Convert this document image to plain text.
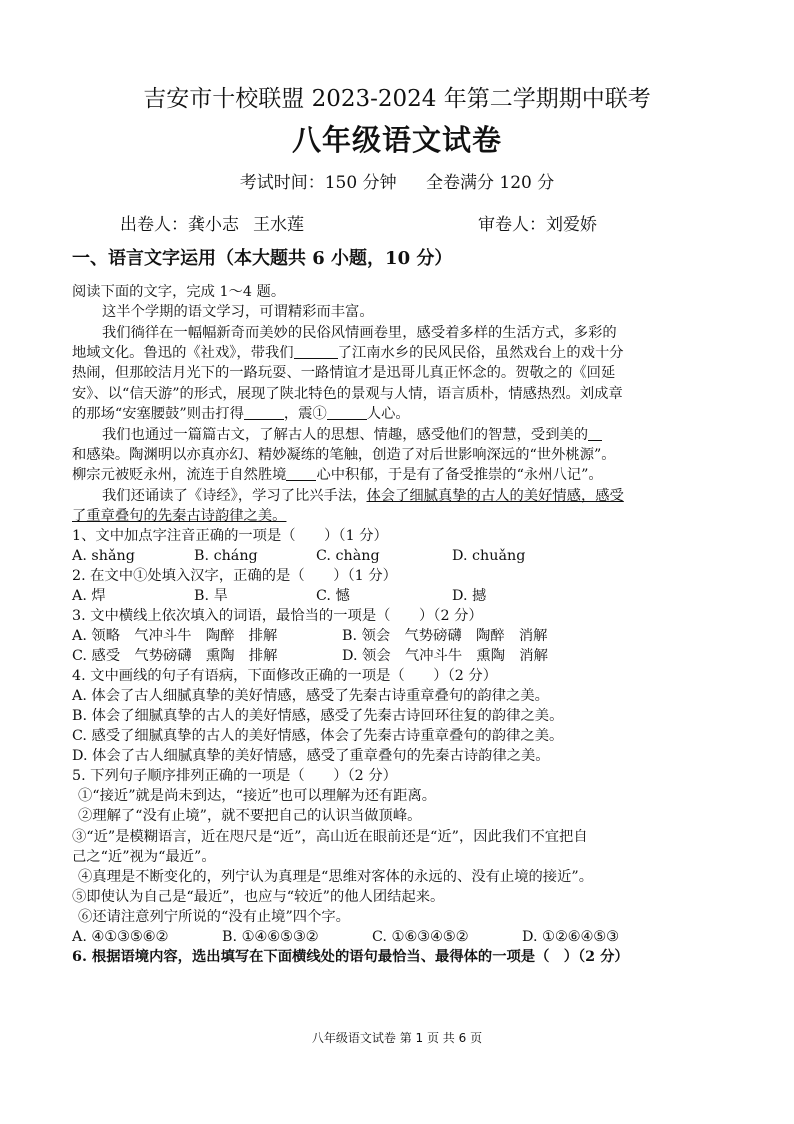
吉安市十校联盟 2023-2024 年第二学期期中联考
八年级语文试卷
考试时间：150 分钟 全卷满分 120 分
出卷人：龚小志 王水莲	审卷人：刘爱娇
一、语言文字运用（本大题共 6 小题，10 分）
阅读下面的文字，完成 1～4 题。
这半个学期的语文学习，可谓精彩而丰富。
我们徜徉在一幅幅新奇而美妙的民俗风情画卷里，感受着多样的生活方式，多彩的
地域文化。鲁迅的《社戏》，带我们	了江南水乡的民风民俗，虽然戏台上的戏十分
热闹，但那皎洁月光下的一路玩耍、一路情谊才是迅哥儿真正怀念的。贺敬之的《回延
安》、以“信天游”的形式，展现了陕北特色的景观与人情，语言质朴，情感热烈。刘成章
的那场“安塞腰鼓”则击打得	，震①	人心。
我们也通过一篇篇古文，了解古人的思想、情趣，感受他们的智慧，受到美的
和感染。陶渊明以亦真亦幻、精妙凝练的笔触，创造了对后世影响深远的“世外桃源”。
柳宗元被贬永州，流连于自然胜境 心中积郁，于是有了备受推崇的“永州八记”。
我们还诵读了《诗经》，学习了比兴手法，体会了细腻真挚的古人的美好情感，感受
了重章叠句的先秦古诗韵律之美。
1、文中加点字注音正确的一项是（　　）（1 分）
A. shǎng	B. cháng	C. chàng	D. chuǎng
2. 在文中①处填入汉字，正确的是（　　）（1 分）
A. 焊	B. 旱	C. 憾	D. 撼
3. 文中横线上依次填入的词语，最恰当的一项是（　　）（2 分）
A. 领略　气冲斗牛　陶醉　排解	B. 领会　气势磅礴　陶醉　消解
C. 感受　气势磅礴　熏陶　排解	D. 领会　气冲斗牛　熏陶　消解
4. 文中画线的句子有语病，下面修改正确的一项是（　　）（2 分）
A. 体会了古人细腻真挚的美好情感，感受了先秦古诗重章叠句的韵律之美。
B. 体会了细腻真挚的古人的美好情感，感受了先秦古诗回环往复的韵律之美。
C. 感受了细腻真挚的古人的美好情感，体会了先秦古诗重章叠句的韵律之美。
D. 体会了古人细腻真挚的美好情感，感受了重章叠句的先秦古诗韵律之美。
5. 下列句子顺序排列正确的一项是（　　）（2 分）
①“接近”就是尚未到达，“接近”也可以理解为还有距离。
②理解了“没有止境”，就不要把自己的认识当做顶峰。
③“近”是模糊语言，近在咫尺是“近”，高山近在眼前还是“近”，因此我们不宜把自
己之“近”视为“最近”。
④真理是不断变化的，列宁认为真理是“思维对客体的永远的、没有止境的接近”。
⑤即使认为自己是“最近”，也应与“较近”的他人团结起来。
⑥还请注意列宁所说的“没有止境”四个字。
A. ④①③⑤⑥②	B. ①④⑥⑤③②	C. ①⑥③④⑤②	D. ①②⑥④⑤③
6. 根据语境内容，选出填写在下面横线处的语句最恰当、最得体的一项是（　）（2 分）
八年级语文试卷 第 1 页 共 6 页
